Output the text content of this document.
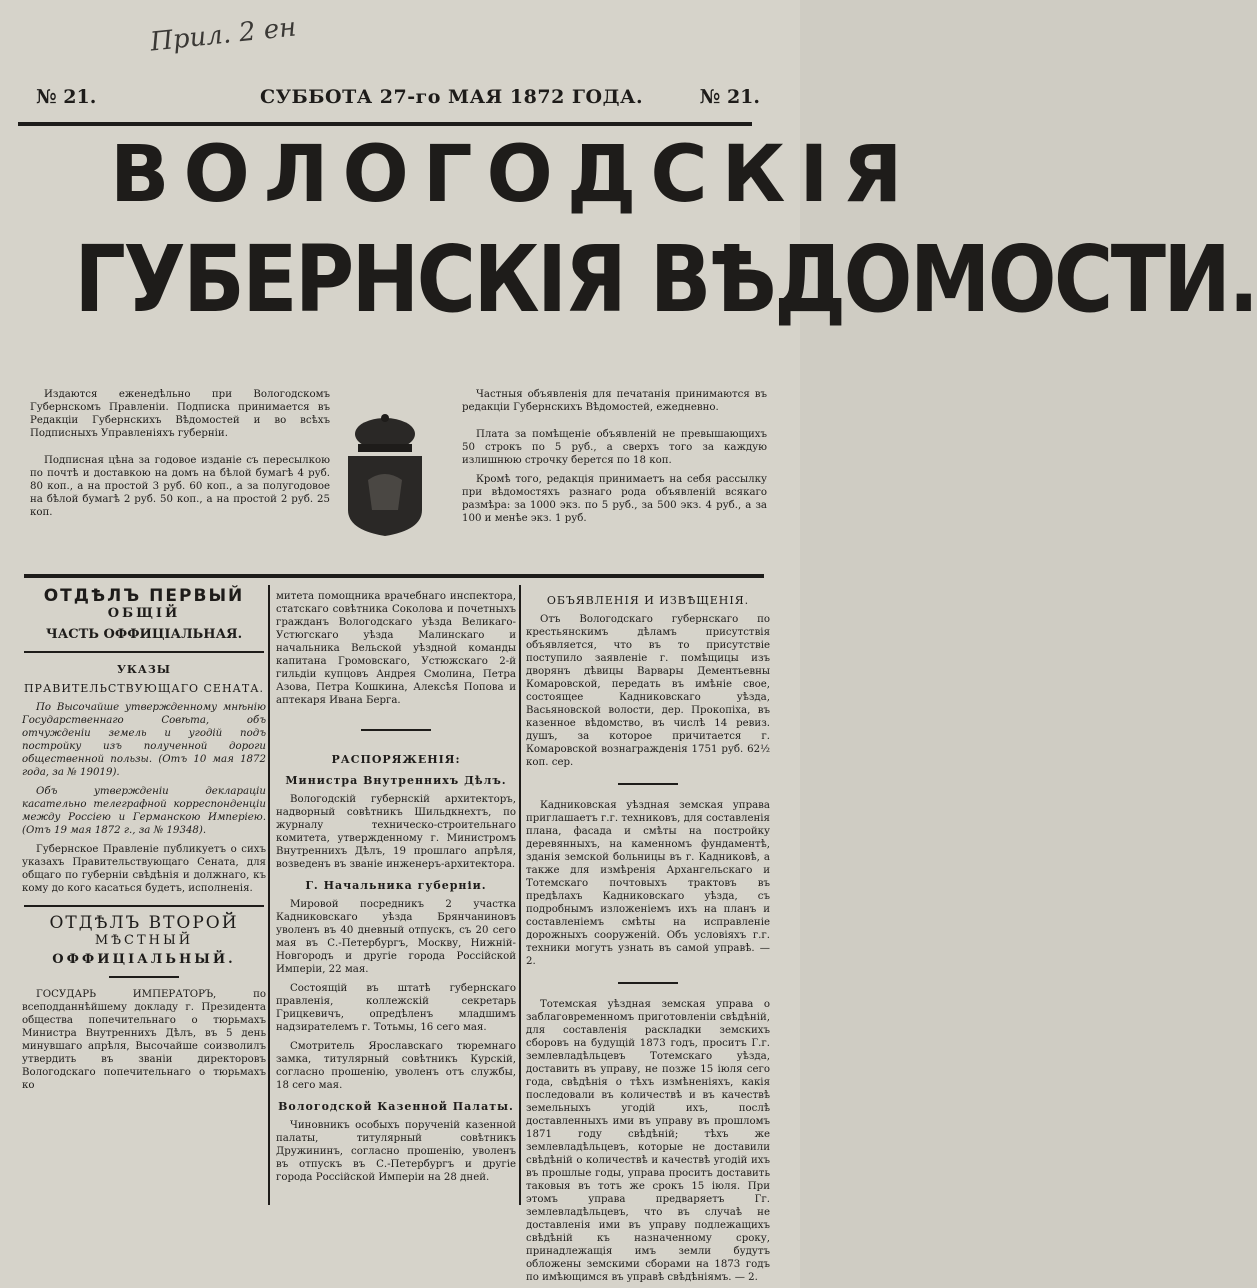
Прил. 2 ен
№ 21.	СУББОТА 27-го МАЯ 1872 ГОДА.	№ 21.
ВОЛОГОДСКІЯ
ГУБЕРНСКІЯ ВѢДОМОСТИ.

Издаются еженедѣльно при Вологодскомъ Губернскомъ Правленіи. Подписка принимается въ Редакціи Губернскихъ Вѣдомостей и во всѣхъ Подписныхъ Управленіяхъ губерніи.

Подписная цѣна за годовое изданіе съ пересылкою по почтѣ и доставкою на домъ на бѣлой бумагѣ 4 руб. 80 коп., а на простой 3 руб. 60 коп., а за полугодовое на бѣлой бумагѣ 2 руб. 50 коп., а на простой 2 руб. 25 коп.

Частныя объявленія для печатанія принимаются въ редакціи Губернскихъ Вѣдомостей, ежедневно.

Плата за помѣщеніе объявленій не превышающихъ 50 строкъ по 5 руб., а сверхъ того за каждую излишнюю строчку берется по 18 коп.

Кромѣ того, редакція принимаетъ на себя рассылку при вѣдомостяхъ разнаго рода объявленій всякаго размѣра: за 1000 экз. по 5 руб., за 500 экз. 4 руб., а за 100 и менѣе экз. 1 руб.

ОТДѢЛЪ ПЕРВЫЙ
ОБЩІЙ
ЧАСТЬ ОФФИЦІАЛЬНАЯ.
УКАЗЫ
ПРАВИТЕЛЬСТВУЮЩАГО СЕНАТА.

По Высочайше утвержденному мнѣнію Государственнаго Совѣта, объ отчужденіи земель и угодій подъ постройку изъ полученной дороги общественной пользы. (Отъ 10 мая 1872 года, за № 19019).

Объ утвержденіи деклараціи касательно телеграфной корреспонденціи между Россіею и Германскою Имперіею. (Отъ 19 мая 1872 г., за № 19348).

Губернское Правленіе публикуетъ о сихъ указахъ Правительствующаго Сената, для общаго по губерніи свѣдѣнія и должнаго, къ кому до кого касаться будетъ, исполненія.

ОТДѢЛЪ ВТОРОЙ
МѢСТНЫЙ
ОФФИЦІАЛЬНЫЙ.

ГОСУДАРЬ ИМПЕРАТОРЪ, по всеподданнѣйшему докладу г. Президента общества попечительнаго о тюрьмахъ Министра Внутреннихъ Дѣлъ, въ 5 день минувшаго апрѣля, Высочайше соизволилъ утвердить въ званіи директоровъ Вологодскаго попечительнаго о тюрьмахъ ко

митета помощника врачебнаго инспектора, статскаго совѣтника Соколова и почетныхъ гражданъ Вологодскаго уѣзда Великаго-Устюгскаго уѣзда Малинскаго и начальника Вельской уѣздной команды капитана Громовскаго, Устюжскаго 2-й гильдіи купцовъ Андрея Смолина, Петра Азова, Петра Кошкина, Алексѣя Попова и аптекаря Ивана Берга.

РАСПОРЯЖЕНІЯ:
Министра Внутреннихъ Дѣлъ.

Вологодскій губернскій архитекторъ, надворный совѣтникъ Шильдкнехтъ, по журналу техническо-строительнаго комитета, утвержденному г. Министромъ Внутреннихъ Дѣлъ, 19 прошлаго апрѣля, возведенъ въ званіе инженеръ-архитектора.

Г. Начальника губерніи.

Мировой посредникъ 2 участка Кадниковскаго уѣзда Брянчаниновъ уволенъ въ 40 дневный отпускъ, съ 20 сего мая въ С.-Петербургъ, Москву, Нижній-Новгородъ и другіе города Россійской Имперіи, 22 мая.

Состоящій въ штатѣ губернскаго правленія, коллежскій секретарь Грицкевичъ, опредѣленъ младшимъ надзирателемъ г. Тотьмы, 16 сего мая.

Смотритель Ярославскаго тюремнаго замка, титулярный совѣтникъ Курскій, согласно прошенію, уволенъ отъ службы, 18 сего мая.

Вологодской Казенной Палаты.

Чиновникъ особыхъ порученій казенной палаты, титулярный совѣтникъ Дружининъ, согласно прошенію, уволенъ въ отпускъ въ С.-Петербургъ и другіе города Россійской Имперіи на 28 дней.

ОБЪЯВЛЕНІЯ И ИЗВѢЩЕНІЯ.

Отъ Вологодскаго губернскаго по крестьянскимъ дѣламъ присутствія объявляется, что въ то присутствіе поступило заявленіе г. помѣщицы изъ дворянъ дѣвицы Варвары Дементьевны Комаровской, передать въ имѣніе свое, состоящее Кадниковскаго уѣзда, Васьяновской волости, дер. Прокопіха, въ казенное вѣдомство, въ числѣ 14 ревиз. душъ, за которое причитается г. Комаровской вознагражденія 1751 руб. 62½ коп. сер.

Кадниковская уѣздная земская управа приглашаетъ г.г. техниковъ, для составленія плана, фасада и смѣты на постройку деревянныхъ, на каменномъ фундаментѣ, зданія земской больницы въ г. Кадниковѣ, а также для измѣренія Архангельскаго и Тотемскаго почтовыхъ трактовъ въ предѣлахъ Кадниковскаго уѣзда, съ подробнымъ изложеніемъ ихъ на планъ и составленіемъ смѣты на исправленіе дорожныхъ сооруженій. Объ условіяхъ г.г. техники могутъ узнать въ самой управѣ. — 2.

Тотемская уѣздная земская управа о заблаговременномъ приготовленіи свѣдѣній, для составленія раскладки земскихъ сборовъ на будущій 1873 годъ, проситъ Г.г. землевладѣльцевъ Тотемскаго уѣзда, доставить въ управу, не позже 15 іюля сего года, свѣдѣнія о тѣхъ измѣненіяхъ, какія последовали въ количествѣ и въ качествѣ земельныхъ угодій ихъ, послѣ доставленныхъ ими въ управу въ прошломъ 1871 году свѣдѣній; тѣхъ же землевладѣльцевъ, которые не доставили свѣдѣній о количествѣ и качествѣ угодій ихъ въ прошлые годы, управа проситъ доставить таковыя въ тотъ же срокъ 15 іюля. При этомъ управа предваряетъ Гг. землевладѣльцевъ, что въ случаѣ не доставленія ими въ управу подлежащихъ свѣдѣній къ назначенному сроку, принадлежащія имъ земли будутъ обложены земскими сборами на 1873 годъ по имѣющимся въ управѣ свѣдѣніямъ. — 2.
